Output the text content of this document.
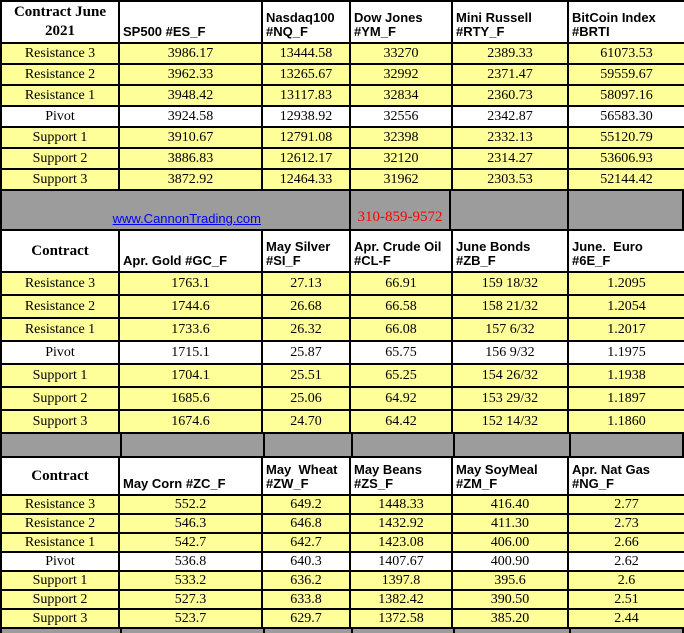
Contract June 2021	SP500 #ES_F	Nasdaq100 #NQ_F	Dow Jones #YM_F	Mini Russell #RTY_F	BitCoin Index #BRTI
Resistance 3	3986.17	13444.58	33270	2389.33	61073.53
Resistance 2	3962.33	13265.67	32992	2371.47	59559.67
Resistance 1	3948.42	13117.83	32834	2360.73	58097.16
Pivot	3924.58	12938.92	32556	2342.87	56583.30
Support 1	3910.67	12791.08	32398	2332.13	55120.79
Support 2	3886.83	12612.17	32120	2314.27	53606.93
Support 3	3872.92	12464.33	31962	2303.53	52144.42
www.CannonTrading.com	310-859-9572
Contract	Apr. Gold #GC_F	May Silver #SI_F	Apr. Crude Oil #CL-F	June Bonds #ZB_F	June.  Euro #6E_F
Resistance 3	1763.1	27.13	66.91	159 18/32	1.2095
Resistance 2	1744.6	26.68	66.58	158 21/32	1.2054
Resistance 1	1733.6	26.32	66.08	157 6/32	1.2017
Pivot	1715.1	25.87	65.75	156 9/32	1.1975
Support 1	1704.1	25.51	65.25	154 26/32	1.1938
Support 2	1685.6	25.06	64.92	153 29/32	1.1897
Support 3	1674.6	24.70	64.42	152 14/32	1.1860
Contract	May Corn #ZC_F	May  Wheat #ZW_F	May Beans #ZS_F	May SoyMeal #ZM_F	Apr. Nat Gas #NG_F
Resistance 3	552.2	649.2	1448.33	416.40	2.77
Resistance 2	546.3	646.8	1432.92	411.30	2.73
Resistance 1	542.7	642.7	1423.08	406.00	2.66
Pivot	536.8	640.3	1407.67	400.90	2.62
Support 1	533.2	636.2	1397.8	395.6	2.6
Support 2	527.3	633.8	1382.42	390.50	2.51
Support 3	523.7	629.7	1372.58	385.20	2.44
